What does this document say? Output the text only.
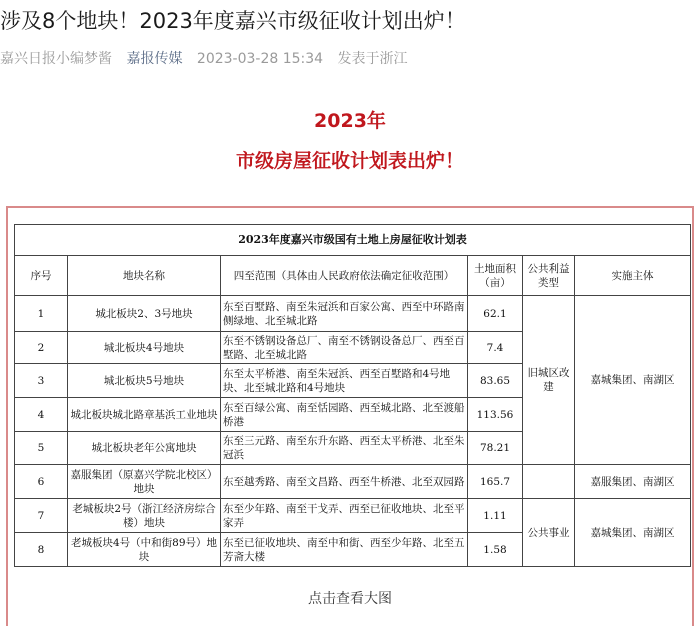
涉及8个地块！2023年度嘉兴市级征收计划出炉！
嘉兴日报小编梦酱 嘉报传媒 2023-03-28 15:34 发表于浙江
2023年
市级房屋征收计划表出炉！
2023年度嘉兴市级国有土地上房屋征收计划表					
序号	地块名称	四至范围（具体由人民政府依法确定征收范围）	土地面积（亩）	公共利益类型	实施主体
1	城北板块2、3号地块	东至百墅路、南至朱冠浜和百家公寓、西至中环路南侧绿地、北至城北路	62.1	旧城区改建	嘉城集团、南湖区
2	城北板块4号地块	东至不锈钢设备总厂、南至不锈钢设备总厂、西至百墅路、北至城北路	7.4		
3	城北板块5号地块	东至太平桥港、南至朱冠浜、西至百墅路和4号地块、北至城北路和4号地块	83.65		
4	城北板块城北路章基浜工业地块	东至百绿公寓、南至恬园路、西至城北路、北至渡船桥港	113.56		
5	城北板块老年公寓地块	东至三元路、南至东升东路、西至太平桥港、北至朱冠浜	78.21		
6	嘉服集团（原嘉兴学院北校区）地块	东至越秀路、南至文昌路、西至牛桥港、北至双园路	165.7		嘉服集团、南湖区
7	老城板块2号（浙江经济房综合楼）地块	东至少年路、南至干戈弄、西至已征收地块、北至平家弄	1.11	公共事业	嘉城集团、南湖区
8	老城板块4号（中和街89号）地块	东至已征收地块、南至中和街、西至少年路、北至五芳斋大楼	1.58		
点击查看大图
